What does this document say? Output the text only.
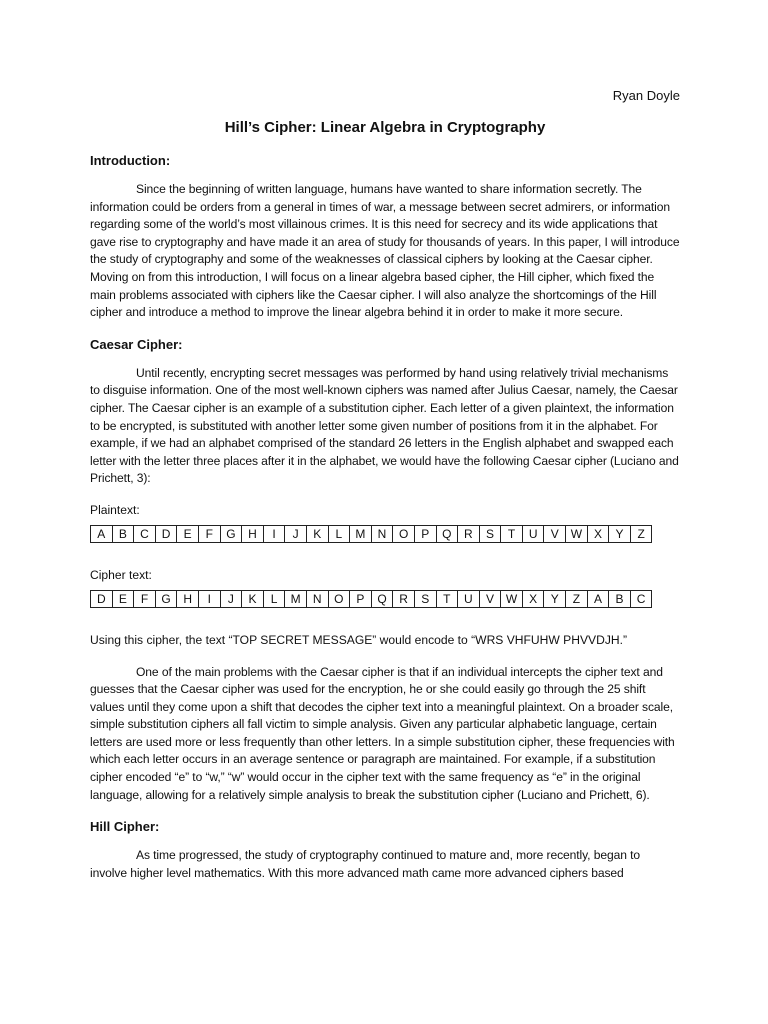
Ryan Doyle
Hill’s Cipher: Linear Algebra in Cryptography
Introduction:
Since the beginning of written language, humans have wanted to share information secretly. The information could be orders from a general in times of war, a message between secret admirers, or information regarding some of the world’s most villainous crimes. It is this need for secrecy and its wide applications that gave rise to cryptography and have made it an area of study for thousands of years. In this paper, I will introduce the study of cryptography and some of the weaknesses of classical ciphers by looking at the Caesar cipher. Moving on from this introduction, I will focus on a linear algebra based cipher, the Hill cipher, which fixed the main problems associated with ciphers like the Caesar cipher. I will also analyze the shortcomings of the Hill cipher and introduce a method to improve the linear algebra behind it in order to make it more secure.
Caesar Cipher:
Until recently, encrypting secret messages was performed by hand using relatively trivial mechanisms to disguise information. One of the most well-known ciphers was named after Julius Caesar, namely, the Caesar cipher. The Caesar cipher is an example of a substitution cipher. Each letter of a given plaintext, the information to be encrypted, is substituted with another letter some given number of positions from it in the alphabet. For example, if we had an alphabet comprised of the standard 26 letters in the English alphabet and swapped each letter with the letter three places after it in the alphabet, we would have the following Caesar cipher (Luciano and Prichett, 3):
Plaintext:
A	B	C	D	E	F	G	H	I	J	K	L	M	N	O	P	Q	R	S	T	U	V	W	X	Y	Z
Cipher text:
D	E	F	G	H	I	J	K	L	M	N	O	P	Q	R	S	T	U	V	W	X	Y	Z	A	B	C
Using this cipher, the text “TOP SECRET MESSAGE” would encode to “WRS VHFUHW PHVVDJH.”
One of the main problems with the Caesar cipher is that if an individual intercepts the cipher text and guesses that the Caesar cipher was used for the encryption, he or she could easily go through the 25 shift values until they come upon a shift that decodes the cipher text into a meaningful plaintext. On a broader scale, simple substitution ciphers all fall victim to simple analysis. Given any particular alphabetic language, certain letters are used more or less frequently than other letters. In a simple substitution cipher, these frequencies with which each letter occurs in an average sentence or paragraph are maintained. For example, if a substitution cipher encoded “e” to “w,” “w” would occur in the cipher text with the same frequency as “e” in the original language, allowing for a relatively simple analysis to break the substitution cipher (Luciano and Prichett, 6).
Hill Cipher:
As time progressed, the study of cryptography continued to mature and, more recently, began to involve higher level mathematics. With this more advanced math came more advanced ciphers based
